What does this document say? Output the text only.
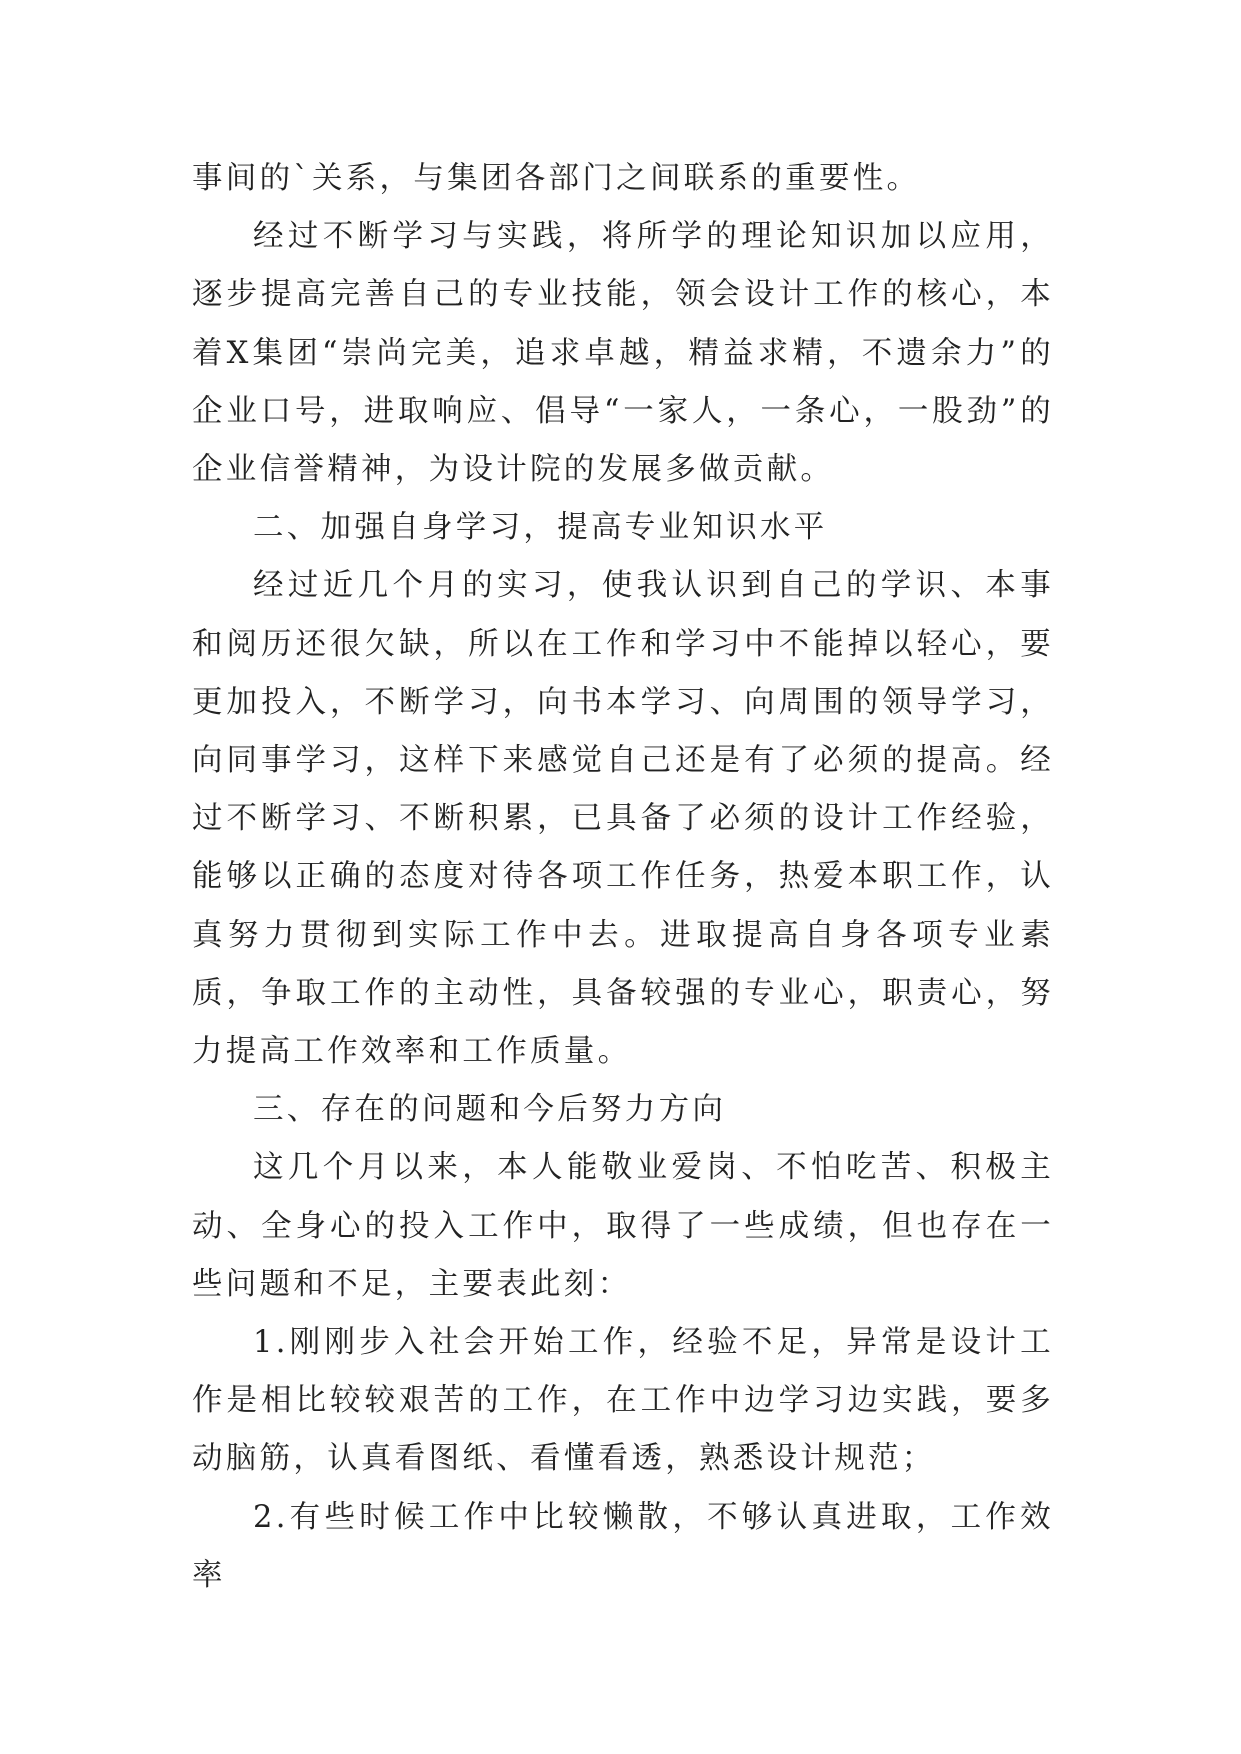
事间的`关系，与集团各部门之间联系的重要性。

经过不断学习与实践，将所学的理论知识加以应用，逐步提高完善自己的专业技能，领会设计工作的核心，本着X集团“崇尚完美，追求卓越，精益求精，不遗余力”的企业口号，进取响应、倡导“一家人，一条心，一股劲”的企业信誉精神，为设计院的发展多做贡献。

二、加强自身学习，提高专业知识水平

经过近几个月的实习，使我认识到自己的学识、本事和阅历还很欠缺，所以在工作和学习中不能掉以轻心，要更加投入，不断学习，向书本学习、向周围的领导学习，向同事学习，这样下来感觉自己还是有了必须的提高。经过不断学习、不断积累，已具备了必须的设计工作经验，能够以正确的态度对待各项工作任务，热爱本职工作，认真努力贯彻到实际工作中去。进取提高自身各项专业素质，争取工作的主动性，具备较强的专业心，职责心，努力提高工作效率和工作质量。

三、存在的问题和今后努力方向

这几个月以来，本人能敬业爱岗、不怕吃苦、积极主动、全身心的投入工作中，取得了一些成绩，但也存在一些问题和不足，主要表此刻：

1.刚刚步入社会开始工作，经验不足，异常是设计工作是相比较较艰苦的工作，在工作中边学习边实践，要多动脑筋，认真看图纸、看懂看透，熟悉设计规范；

2.有些时候工作中比较懒散，不够认真进取，工作效率
